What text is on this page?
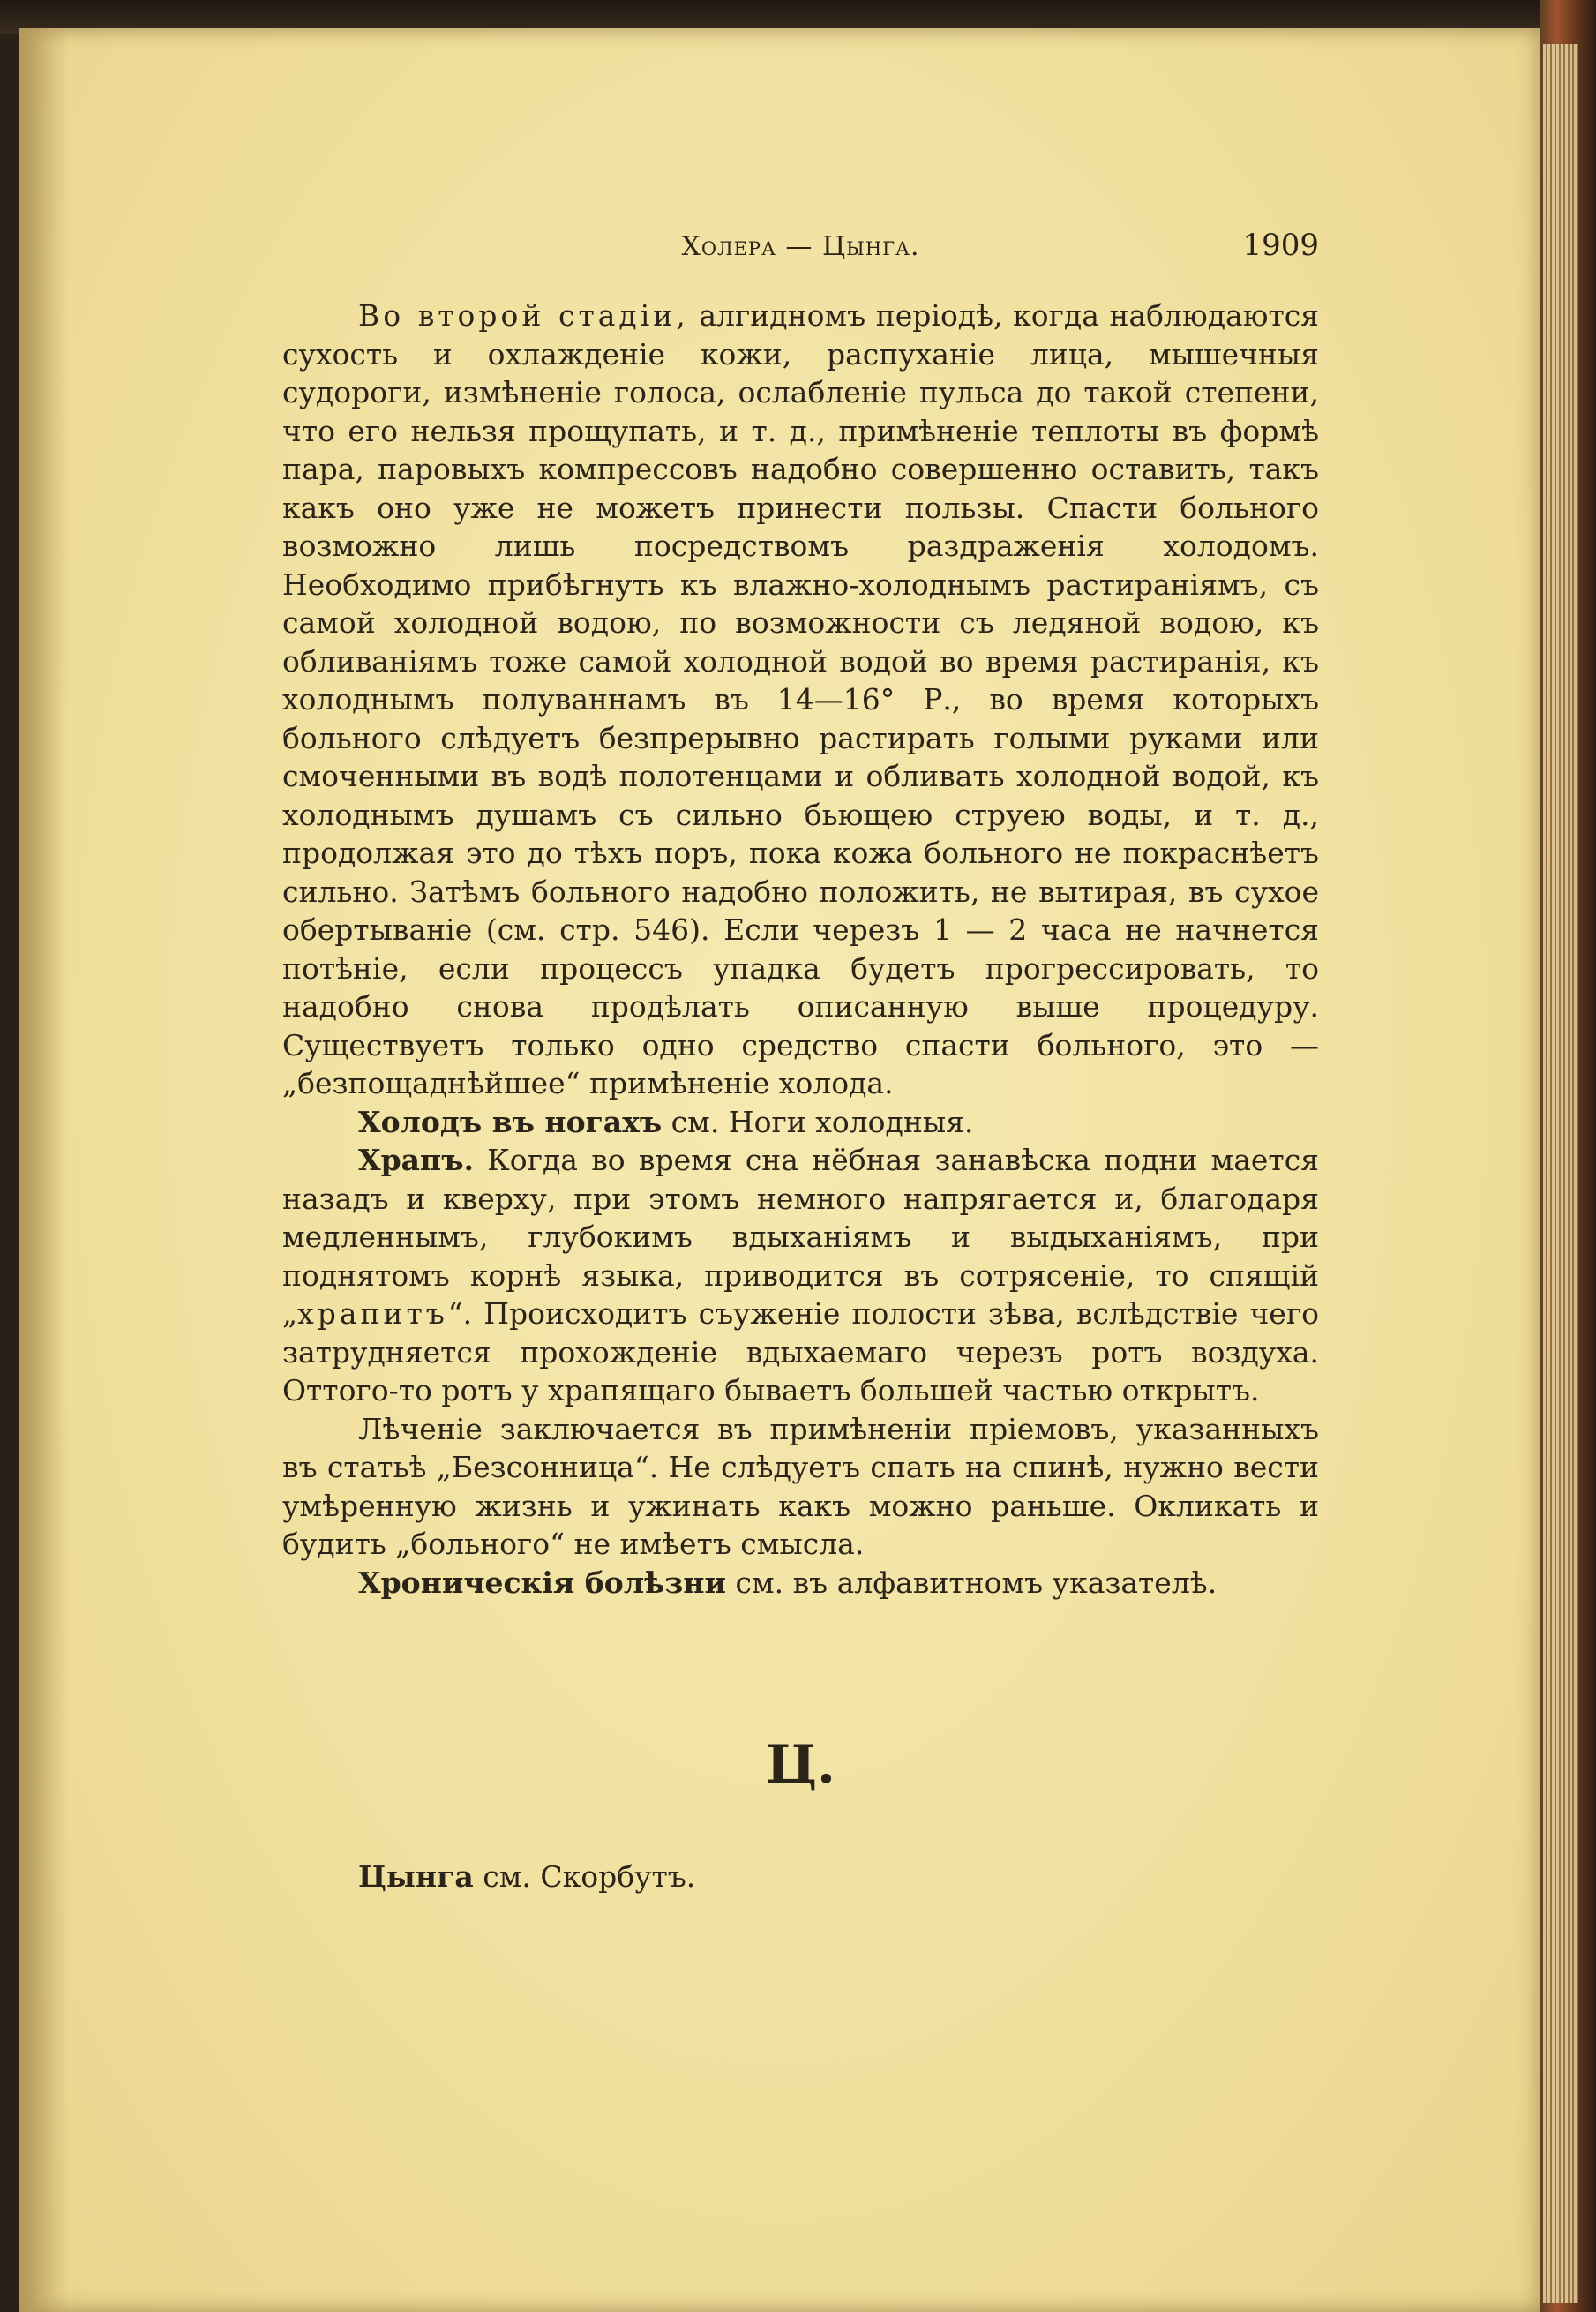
Холера — Цынга.	1909

Во второй стадiи, алгиднoмъ перiодѣ, когда наблюдаются сухость и охлажденiе кожи, распуханiе лица, мышечныя судороги, измѣненiе голоса, ослабленiе пульса до такой степени, что его нельзя прощупать, и т. д., примѣненiе теплоты въ формѣ пара, паровыхъ компрессовъ надобно совершенно оставить, такъ какъ оно уже не можетъ принести пользы. Спасти больного возможно лишь посредствомъ раздраженiя холодомъ. Необходимо прибѣгнуть къ влажно-холоднымъ растиранiямъ, съ самой холодной водою, по возможности съ ледяной водою, къ обливанiямъ тоже самой холодной водой во время растиранiя, къ холоднымъ полуваннамъ въ 14—16° Р., во время которыхъ больного слѣдуетъ безпрерывно растирать голыми руками или смоченными въ водѣ полотенцами и обливать холодной водой, къ холоднымъ душамъ съ сильно бьющею струею воды, и т. д., продолжая это до тѣхъ поръ, пока кожа больного не покраснѣетъ сильно. Затѣмъ больного надобно положить, не вытирая, въ сухое обертыванiе (см. стр. 546). Если черезъ 1 — 2 часа не начнется потѣнiе, если процессъ упадка будетъ прогрессировать, то надобно снова продѣлать описанную выше процедуру. Существуетъ только одно средство спасти больного, это — „безпощаднѣйшее“ примѣненiе холода.

Холодъ въ ногахъ см. Ноги холодныя.

Храпъ. Когда во время сна нёбная занавѣска подни мается назадъ и кверху, при этомъ немного напрягается и, благодаря медленнымъ, глубокимъ вдыханiямъ и выдыханiямъ, при поднятомъ корнѣ языка, приводится въ сотрясенiе, то спящiй „храпитъ“. Происходитъ съуженiе полости зѣва, вслѣдствiе чего затрудняется прохожденiе вдыхаемаго черезъ ротъ воздуха. Оттого-то ротъ у храпящаго бываетъ большей частью открытъ.

Лѣченiе заключается въ примѣненiи прiемовъ, указанныхъ въ статьѣ „Безсонница“. Не слѣдуетъ спать на спинѣ, нужно вести умѣренную жизнь и ужинать какъ можно раньше. Окликать и будить „больного“ не имѣетъ смысла.

Хроническiя болѣзни см. въ алфавитномъ указателѣ.

Ц.

Цынга см. Скорбутъ.
